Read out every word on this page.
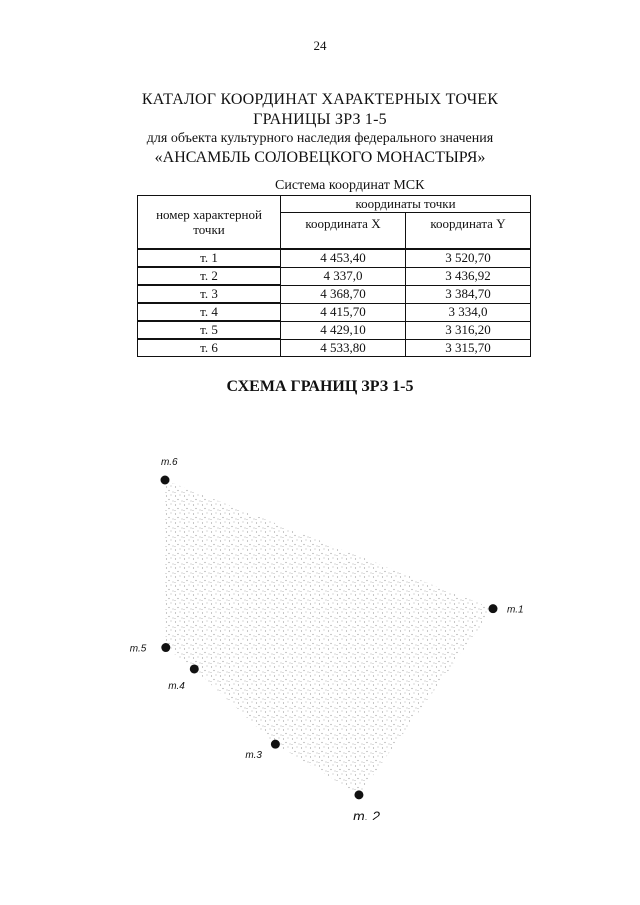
24
КАТАЛОГ КООРДИНАТ ХАРАКТЕРНЫХ ТОЧЕК
ГРАНИЦЫ ЗРЗ 1-5
для объекта культурного наследия федерального значения
«АНСАМБЛЬ СОЛОВЕЦКОГО МОНАСТЫРЯ»
Система координат МСК
номер характерной точки	координаты точки	
	координата X	координата Y
т. 1	4 453,40	3 520,70
т. 2	4 337,0	3 436,92
т. 3	4 368,70	3 384,70
т. 4	4 415,70	3 334,0
т. 5	4 429,10	3 316,20
т. 6	4 533,80	3 315,70
СХЕМА ГРАНИЦ ЗРЗ 1-5
т.1
т. 2
т.3
т.4
т.5
т.6
